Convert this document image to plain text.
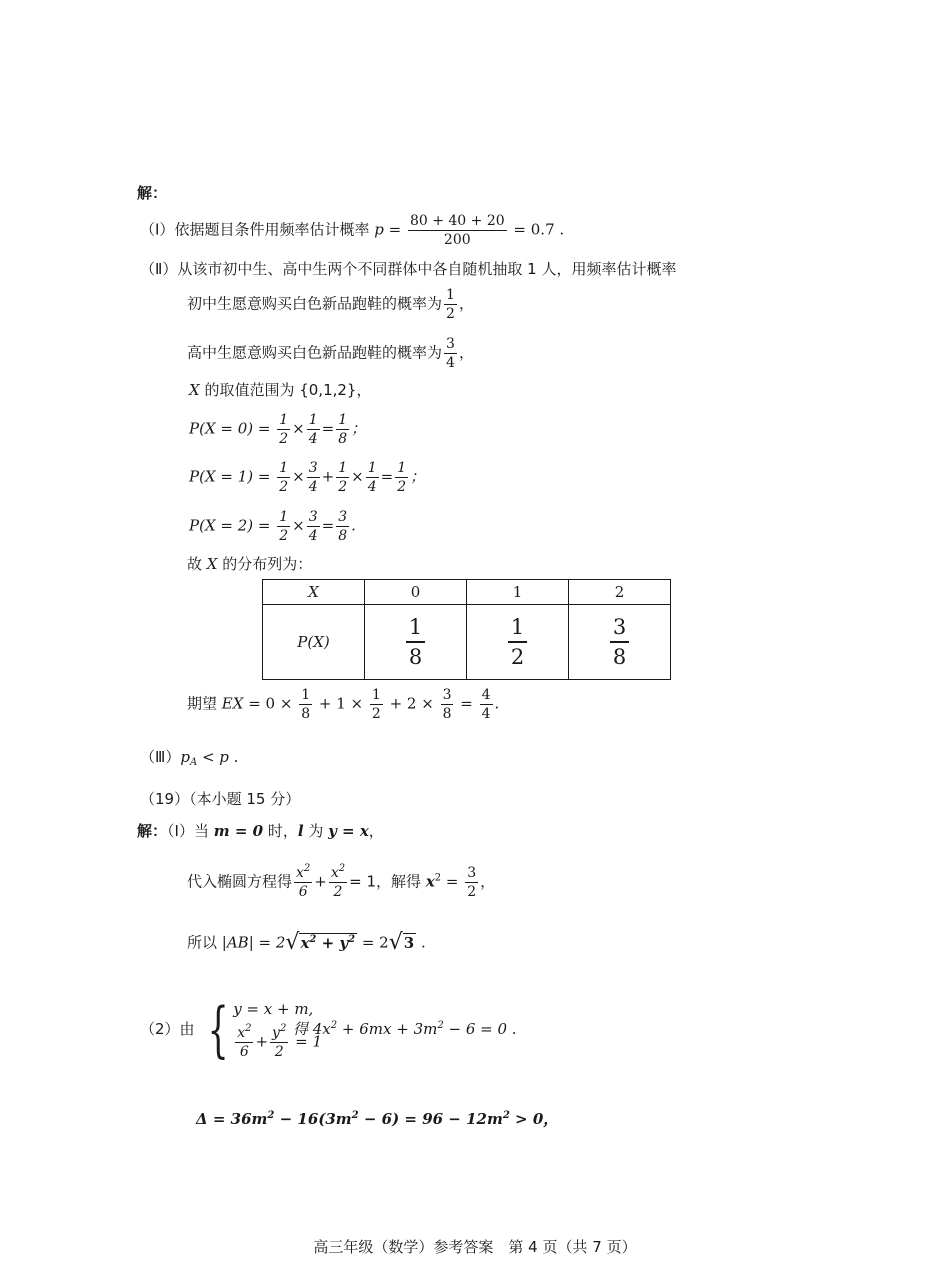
解：
（Ⅰ）依据题目条件用频率估计概率 $p = \frac{80 + 40 + 20}{200} = 0.7$ .
（Ⅱ）从该市初中生、高中生两个不同群体中各自随机抽取 1 人，用频率估计概率
初中生愿意购买白色新品跑鞋的概率为 $\frac{1}{2}$ ，
高中生愿意购买白色新品跑鞋的概率为 $\frac{3}{4}$ ，
X 的取值范围为 {0,1,2}，
$P(X = 0) = \frac{1}{2} \times \frac{1}{4} = \frac{1}{8}$ ；
$P(X = 1) = \frac{1}{2} \times \frac{3}{4} + \frac{1}{2} \times \frac{1}{4} = \frac{1}{2}$ ；
$P(X = 2) = \frac{1}{2} \times \frac{3}{4} = \frac{3}{8}$ .
故 X 的分布列为：
X	0	1	2
P(X)	$\frac{1}{8}$	$\frac{1}{2}$	$\frac{3}{8}$
期望 EX = $0 \times \frac{1}{8} + 1 \times \frac{1}{2} + 2 \times \frac{3}{8} = \frac{4}{4}$ .
$(Ⅲ)p_A < p$ .
（19）（本小题 15 分）
解：（Ⅰ）当 m = 0 时，l 为 y = x，
代入椭圆方程得 $\frac{x^2}{6} + \frac{x^2}{2} = 1$，解得 $x^2 = \frac{3}{2}$ ，
所以 |AB| = 2 √ $x^2 + y^2 = 2$ √ 3 .
（2）由 { y = x + m,
$\frac{x^2}{6} + \frac{y^2}{2} = 1$
得 $4x^2 + 6mx + 3m^2 - 6 = 0$ .
$\Delta = 36m^2 - 16(3m^2 - 6) = 96 - 12m^2 > 0$，
高三年级（数学）参考答案　第 4 页（共 7 页）
